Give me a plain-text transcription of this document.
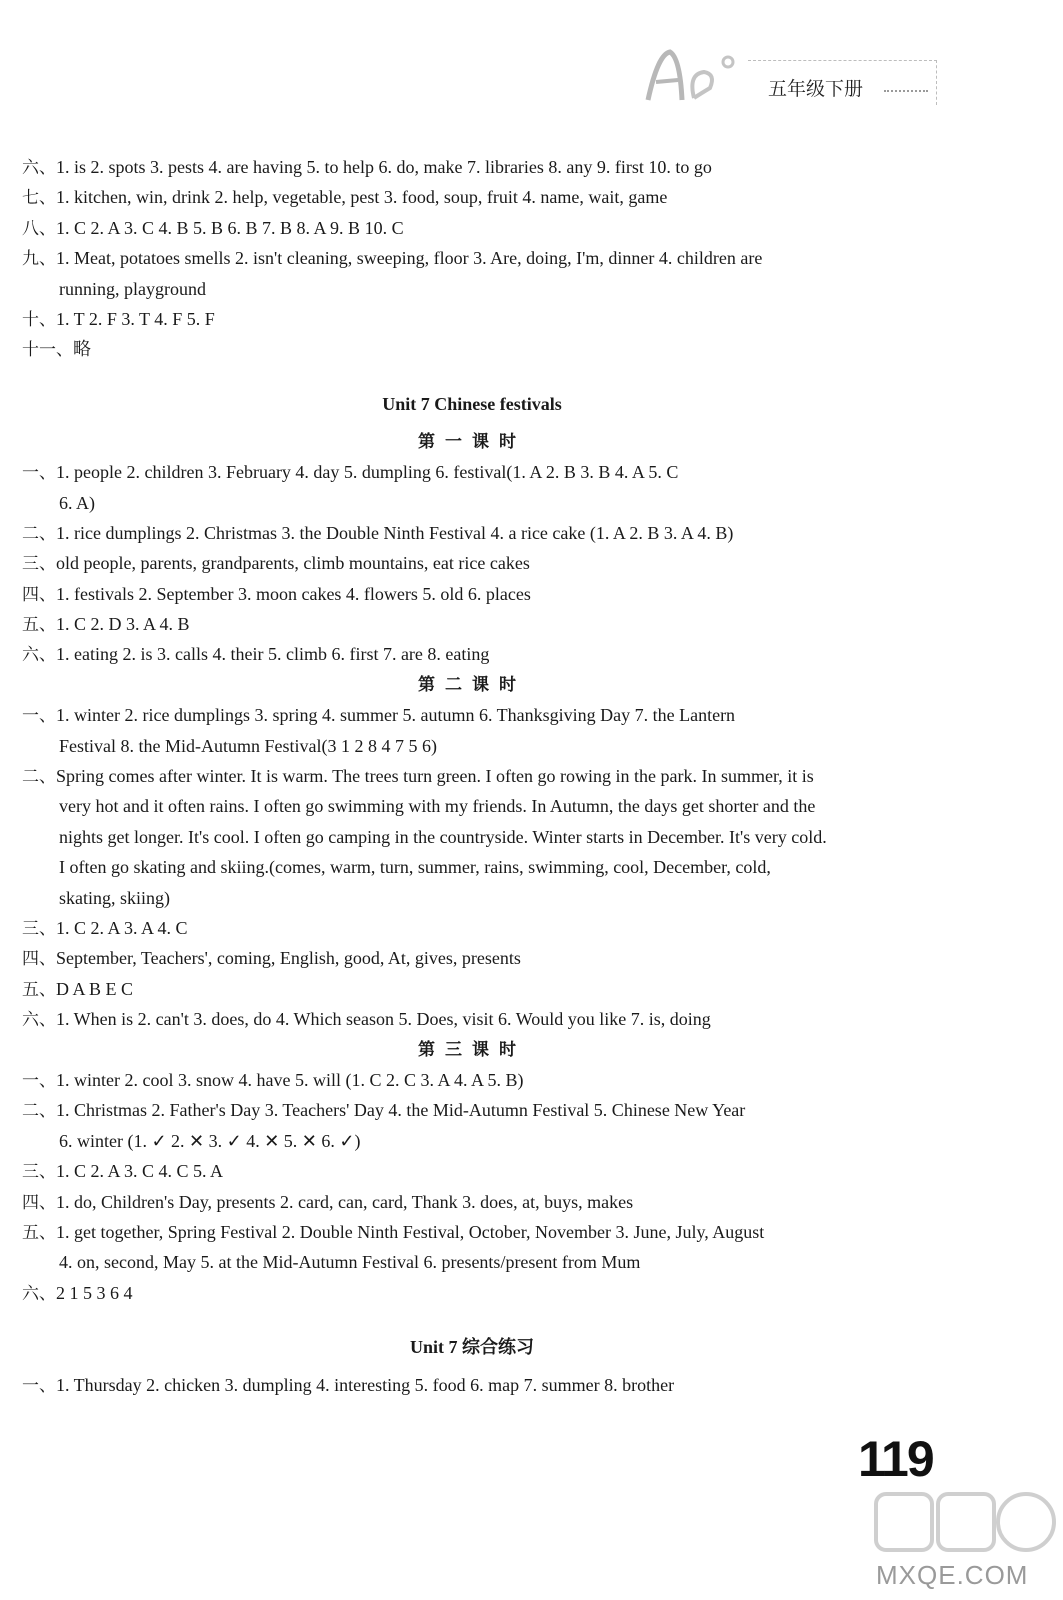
五年级下册
六、1. is 2. spots 3. pests 4. are having 5. to help 6. do, make 7. libraries 8. any 9. first 10. to go
七、1. kitchen, win, drink 2. help, vegetable, pest 3. food, soup, fruit 4. name, wait, game
八、1. C 2. A 3. C 4. B 5. B 6. B 7. B 8. A 9. B 10. C
九、1. Meat, potatoes smells 2. isn't cleaning, sweeping, floor 3. Are, doing, I'm, dinner 4. children are
running, playground
十、1. T 2. F 3. T 4. F 5. F
十一、略
Unit 7 Chinese festivals
第一课时
一、1. people 2. children 3. February 4. day 5. dumpling 6. festival(1. A 2. B 3. B 4. A 5. C
6. A)
二、1. rice dumplings 2. Christmas 3. the Double Ninth Festival 4. a rice cake (1. A 2. B 3. A 4. B)
三、old people, parents, grandparents, climb mountains, eat rice cakes
四、1. festivals 2. September 3. moon cakes 4. flowers 5. old 6. places
五、1. C 2. D 3. A 4. B
六、1. eating 2. is 3. calls 4. their 5. climb 6. first 7. are 8. eating
第二课时
一、1. winter 2. rice dumplings 3. spring 4. summer 5. autumn 6. Thanksgiving Day 7. the Lantern
Festival 8. the Mid-Autumn Festival(3 1 2 8 4 7 5 6)
二、Spring comes after winter. It is warm. The trees turn green. I often go rowing in the park. In summer, it is
very hot and it often rains. I often go swimming with my friends. In Autumn, the days get shorter and the
nights get longer. It's cool. I often go camping in the countryside. Winter starts in December. It's very cold.
I often go skating and skiing.(comes, warm, turn, summer, rains, swimming, cool, December, cold,
skating, skiing)
三、1. C 2. A 3. A 4. C
四、September, Teachers', coming, English, good, At, gives, presents
五、D A B E C
六、1. When is 2. can't 3. does, do 4. Which season 5. Does, visit 6. Would you like 7. is, doing
第三课时
一、1. winter 2. cool 3. snow 4. have 5. will (1. C 2. C 3. A 4. A 5. B)
二、1. Christmas 2. Father's Day 3. Teachers' Day 4. the Mid-Autumn Festival 5. Chinese New Year
6. winter (1. ✓ 2. ✕ 3. ✓ 4. ✕ 5. ✕ 6. ✓)
三、1. C 2. A 3. C 4. C 5. A
四、1. do, Children's Day, presents 2. card, can, card, Thank 3. does, at, buys, makes
五、1. get together, Spring Festival 2. Double Ninth Festival, October, November 3. June, July, August
4. on, second, May 5. at the Mid-Autumn Festival 6. presents/present from Mum
六、2 1 5 3 6 4
Unit 7 综合练习
一、1. Thursday 2. chicken 3. dumpling 4. interesting 5. food 6. map 7. summer 8. brother
119
MXQE.COM
